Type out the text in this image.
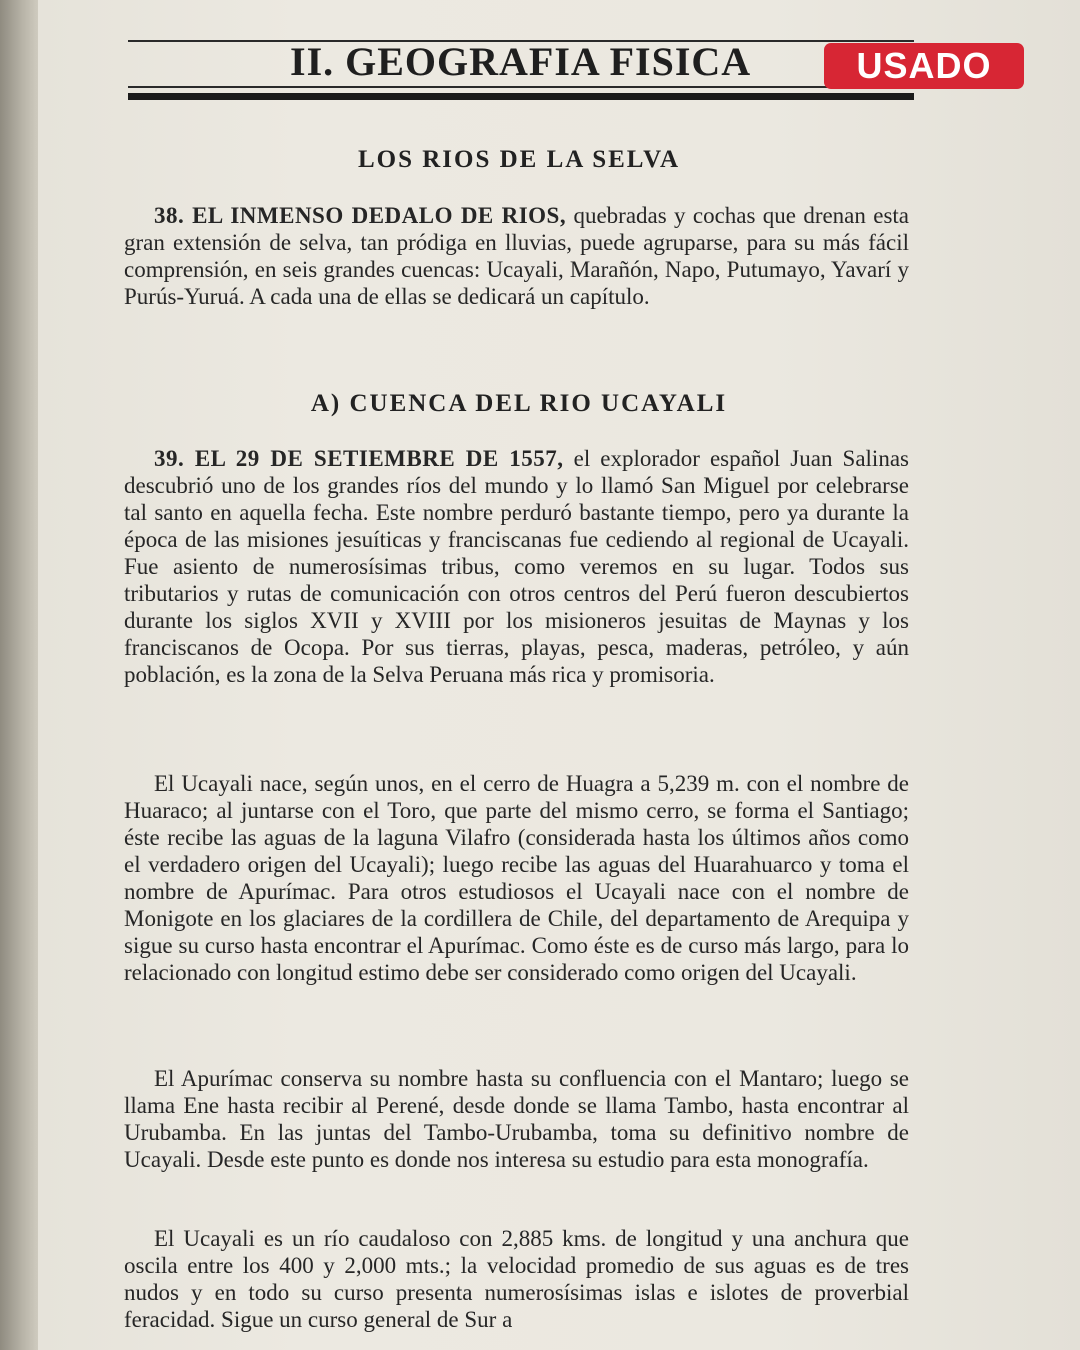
II. GEOGRAFIA FISICA	USADO
LOS RIOS DE LA SELVA

38. EL INMENSO DEDALO DE RIOS, quebradas y cochas que drenan esta gran extensión de selva, tan pródiga en lluvias, puede agruparse, para su más fácil comprensión, en seis grandes cuencas: Ucayali, Marañón, Napo, Putumayo, Yavarí y Purús-Yuruá. A cada una de ellas se dedicará un capítulo.

A) CUENCA DEL RIO UCAYALI

39. EL 29 DE SETIEMBRE DE 1557, el explorador español Juan Salinas descubrió uno de los grandes ríos del mundo y lo llamó San Miguel por celebrarse tal santo en aquella fecha. Este nombre perduró bastante tiempo, pero ya durante la época de las misiones jesuíticas y franciscanas fue cediendo al regional de Ucayali. Fue asiento de numerosísimas tribus, como veremos en su lugar. Todos sus tributarios y rutas de comunicación con otros centros del Perú fueron descubiertos durante los siglos XVII y XVIII por los misioneros jesuitas de Maynas y los franciscanos de Ocopa. Por sus tierras, playas, pesca, maderas, petróleo, y aún población, es la zona de la Selva Peruana más rica y promisoria.

El Ucayali nace, según unos, en el cerro de Huagra a 5,239 m. con el nombre de Huaraco; al juntarse con el Toro, que parte del mismo cerro, se forma el Santiago; éste recibe las aguas de la laguna Vilafro (considerada hasta los últimos años como el verdadero origen del Ucayali); luego recibe las aguas del Huarahuarco y toma el nombre de Apurímac. Para otros estudiosos el Ucayali nace con el nombre de Monigote en los glaciares de la cordillera de Chile, del departamento de Arequipa y sigue su curso hasta encontrar el Apurímac. Como éste es de curso más largo, para lo relacionado con longitud estimo debe ser considerado como origen del Ucayali.

El Apurímac conserva su nombre hasta su confluencia con el Mantaro; luego se llama Ene hasta recibir al Perené, desde donde se llama Tambo, hasta encontrar al Urubamba. En las juntas del Tambo-Urubamba, toma su definitivo nombre de Ucayali. Desde este punto es donde nos interesa su estudio para esta monografía.

El Ucayali es un río caudaloso con 2,885 kms. de longitud y una anchura que oscila entre los 400 y 2,000 mts.; la velocidad promedio de sus aguas es de tres nudos y en todo su curso presenta numerosísimas islas e islotes de proverbial feracidad. Sigue un curso general de Sur a
